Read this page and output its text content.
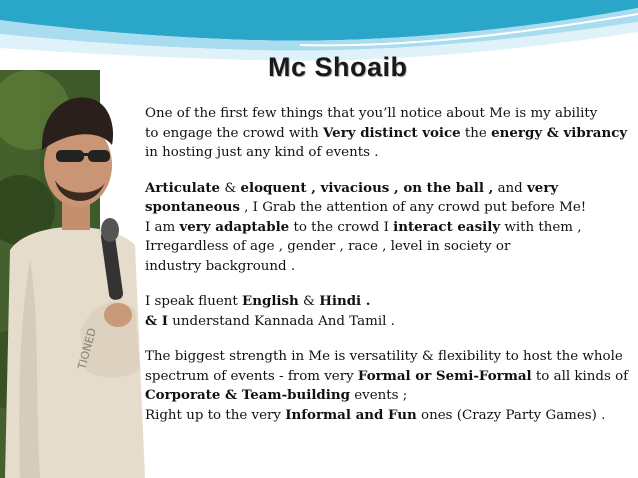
Mc Shoaib
TIONED
One of the first few things that you’ll notice about Me is my ability
to engage the crowd with Very distinct voice the energy & vibrancy
in hosting just any kind of events .
Articulate & eloquent , vivacious , on the ball , and very
spontaneous , I Grab the attention of any crowd put before Me!
I am very adaptable to the crowd I interact easily with them ,
Irregardless of age , gender , race , level in society or
industry background .
I speak fluent English & Hindi .
& I understand Kannada And Tamil .
The biggest strength in Me is versatility & flexibility to host the whole
spectrum of events - from very Formal or Semi-Formal to all kinds of
Corporate & Team-building events ;
Right up to the very Informal and Fun ones (Crazy Party Games) .
